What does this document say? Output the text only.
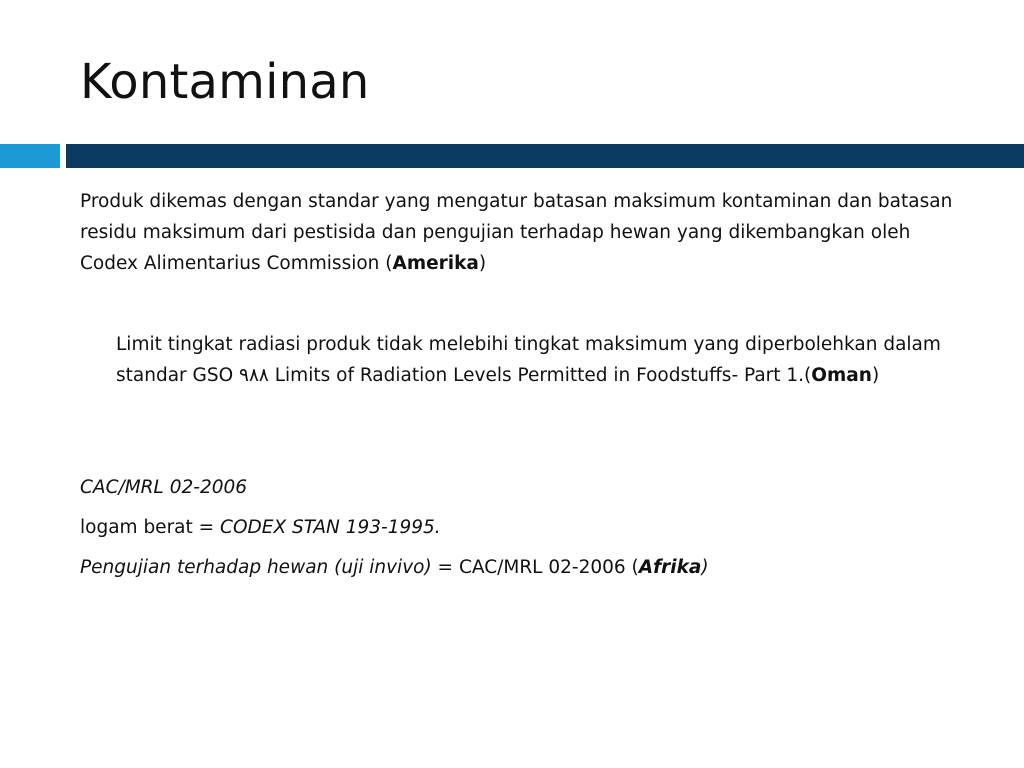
Kontaminan

Produk dikemas dengan standar yang mengatur batasan maksimum kontaminan dan batasan residu maksimum dari pestisida dan pengujian terhadap hewan yang dikembangkan oleh Codex Alimentarius Commission (Amerika)

Limit tingkat radiasi produk tidak melebihi tingkat maksimum yang diperbolehkan dalam standar GSO ٩٨٨ Limits of Radiation Levels Permitted in Foodstuffs- Part 1.(Oman)

CAC/MRL 02-2006

logam berat = CODEX STAN 193-1995.

Pengujian terhadap hewan (uji invivo) = CAC/MRL 02-2006 (Afrika)
